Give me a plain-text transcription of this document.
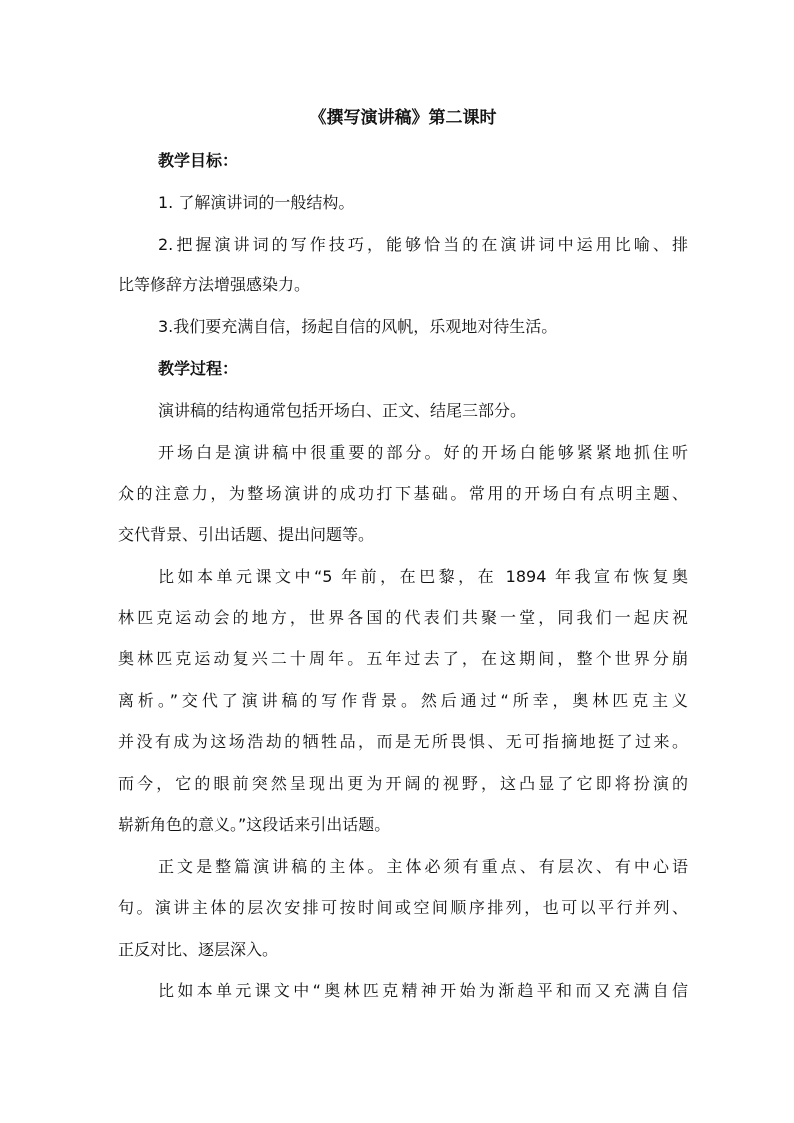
《撰写演讲稿》第二课时
教学目标：
1. 了解演讲词的一般结构。
2.把握演讲词的写作技巧，能够恰当的在演讲词中运用比喻、排
比等修辞方法增强感染力。
3.我们要充满自信，扬起自信的风帆，乐观地对待生活。
教学过程：
演讲稿的结构通常包括开场白、正文、结尾三部分。
开场白是演讲稿中很重要的部分。好的开场白能够紧紧地抓住听
众的注意力，为整场演讲的成功打下基础。常用的开场白有点明主题、
交代背景、引出话题、提出问题等。
比如本单元课文中“5 年前，在巴黎，在 1894 年我宣布恢复奥
林匹克运动会的地方，世界各国的代表们共聚一堂，同我们一起庆祝
奥林匹克运动复兴二十周年。五年过去了，在这期间，整个世界分崩
离析。”交代了演讲稿的写作背景。然后通过“所幸，奥林匹克主义
并没有成为这场浩劫的牺牲品，而是无所畏惧、无可指摘地挺了过来。
而今，它的眼前突然呈现出更为开阔的视野，这凸显了它即将扮演的
崭新角色的意义。”这段话来引出话题。
正文是整篇演讲稿的主体。主体必须有重点、有层次、有中心语
句。演讲主体的层次安排可按时间或空间顺序排列，也可以平行并列、
正反对比、逐层深入。
比如本单元课文中“奥林匹克精神开始为渐趋平和而又充满自信
